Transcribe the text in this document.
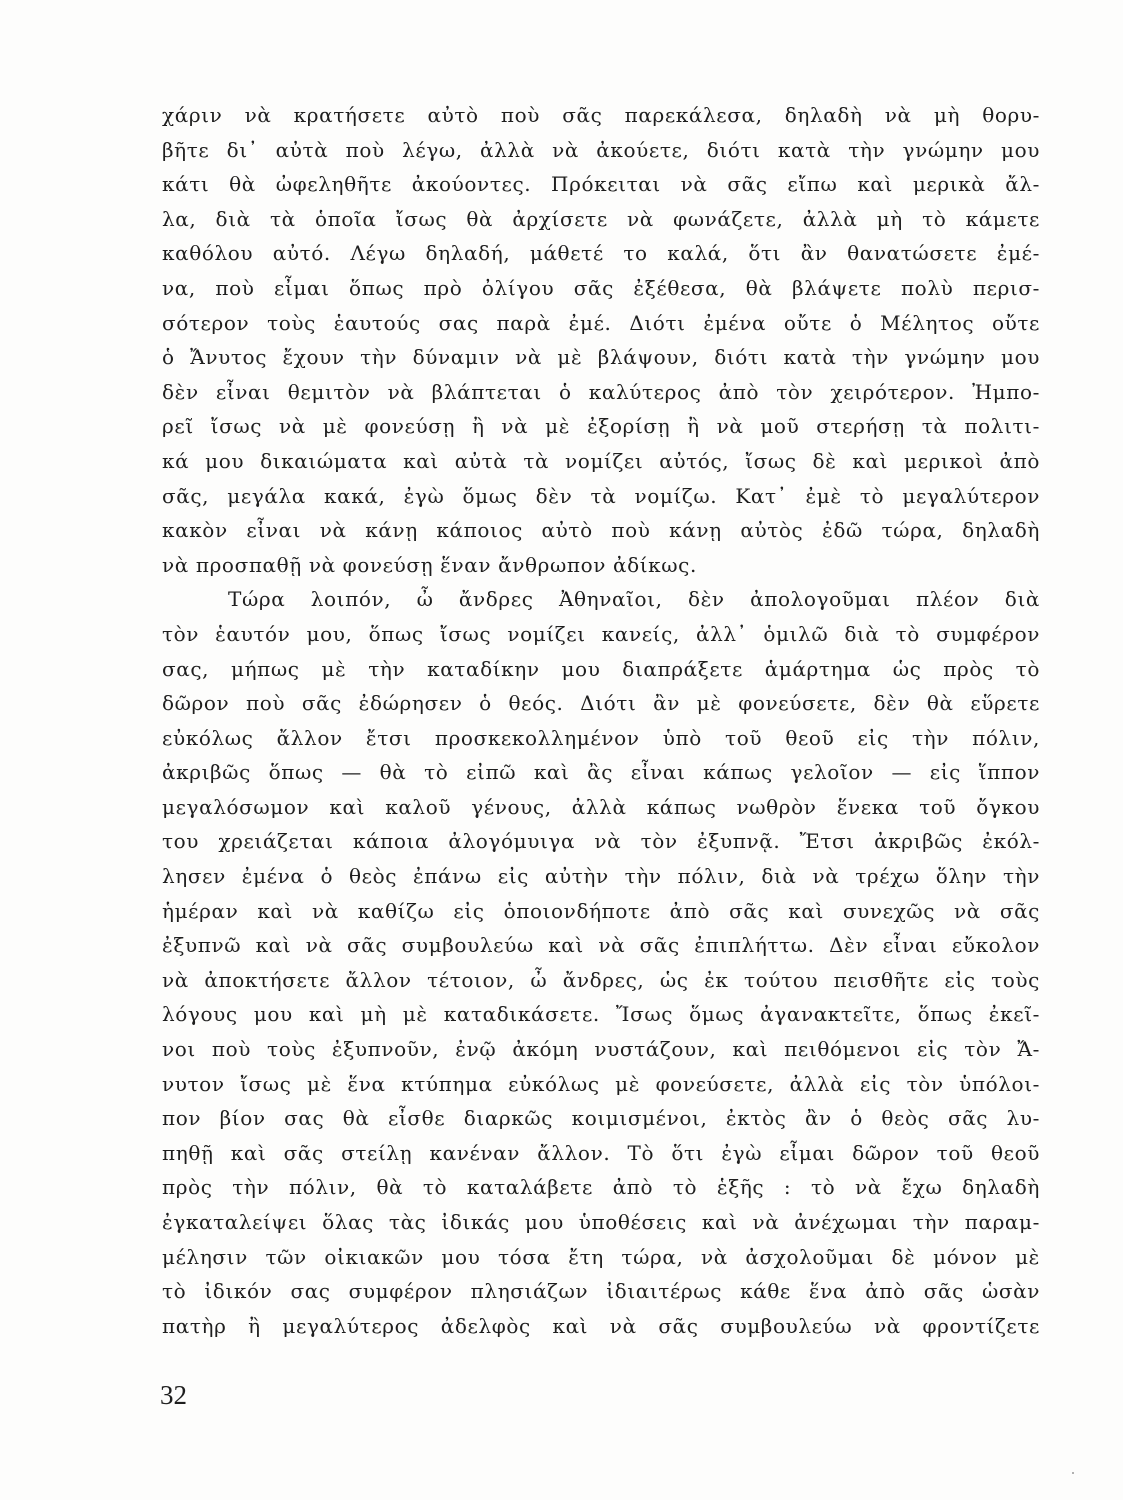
χάριν νὰ κρατήσετε αὐτὸ ποὺ σᾶς παρεκάλεσα, δηλαδὴ νὰ μὴ θορυ-
βῆτε δι᾽ αὐτὰ ποὺ λέγω, ἀλλὰ νὰ ἀκούετε, διότι κατὰ τὴν γνώμην μου
κάτι θὰ ὠφεληθῆτε ἀκούοντες. Πρόκειται νὰ σᾶς εἴπω καὶ μερικὰ ἄλ-
λα, διὰ τὰ ὁποῖα ἴσως θὰ ἀρχίσετε νὰ φωνάζετε, ἀλλὰ μὴ τὸ κάμετε
καθόλου αὐτό. Λέγω δηλαδή, μάθετέ το καλά, ὅτι ἂν θανατώσετε ἐμέ-
να, ποὺ εἶμαι ὅπως πρὸ ὀλίγου σᾶς ἐξέθεσα, θὰ βλάψετε πολὺ περισ-
σότερον τοὺς ἑαυτούς σας παρὰ ἐμέ. Διότι ἐμένα οὔτε ὁ Μέλητος οὔτε
ὁ Ἄνυτος ἔχουν τὴν δύναμιν νὰ μὲ βλάψουν, διότι κατὰ τὴν γνώμην μου
δὲν εἶναι θεμιτὸν νὰ βλάπτεται ὁ καλύτερος ἀπὸ τὸν χειρότερον. Ἠμπο-
ρεῖ ἴσως νὰ μὲ φονεύσῃ ἢ νὰ μὲ ἐξορίσῃ ἢ νὰ μοῦ στερήσῃ τὰ πολιτι-
κά μου δικαιώματα καὶ αὐτὰ τὰ νομίζει αὐτός, ἴσως δὲ καὶ μερικοὶ ἀπὸ
σᾶς, μεγάλα κακά, ἐγὼ ὅμως δὲν τὰ νομίζω. Κατ᾽ ἐμὲ τὸ μεγαλύτερον
κακὸν εἶναι νὰ κάνῃ κάποιος αὐτὸ ποὺ κάνῃ αὐτὸς ἐδῶ τώρα, δηλαδὴ
νὰ προσπαθῇ νὰ φονεύσῃ ἕναν ἄνθρωπον ἀδίκως.
Τώρα λοιπόν, ὦ ἄνδρες Ἀθηναῖοι, δὲν ἀπολογοῦμαι πλέον διὰ
τὸν ἑαυτόν μου, ὅπως ἴσως νομίζει κανείς, ἀλλ᾽ ὁμιλῶ διὰ τὸ συμφέρον
σας, μήπως μὲ τὴν καταδίκην μου διαπράξετε ἁμάρτημα ὡς πρὸς τὸ
δῶρον ποὺ σᾶς ἐδώρησεν ὁ θεός. Διότι ἂν μὲ φονεύσετε, δὲν θὰ εὕρετε
εὐκόλως ἄλλον ἔτσι προσκεκολλημένον ὑπὸ τοῦ θεοῦ εἰς τὴν πόλιν,
ἀκριβῶς ὅπως — θὰ τὸ εἰπῶ καὶ ἂς εἶναι κάπως γελοῖον — εἰς ἵππον
μεγαλόσωμον καὶ καλοῦ γένους, ἀλλὰ κάπως νωθρὸν ἕνεκα τοῦ ὄγκου
του χρειάζεται κάποια ἀλογόμυιγα νὰ τὸν ἐξυπνᾷ. Ἔτσι ἀκριβῶς ἐκόλ-
λησεν ἐμένα ὁ θεὸς ἐπάνω εἰς αὐτὴν τὴν πόλιν, διὰ νὰ τρέχω ὅλην τὴν
ἡμέραν καὶ νὰ καθίζω εἰς ὁποιονδήποτε ἀπὸ σᾶς καὶ συνεχῶς νὰ σᾶς
ἐξυπνῶ καὶ νὰ σᾶς συμβουλεύω καὶ νὰ σᾶς ἐπιπλήττω. Δὲν εἶναι εὔκολον
νὰ ἀποκτήσετε ἄλλον τέτοιον, ὦ ἄνδρες, ὡς ἐκ τούτου πεισθῆτε εἰς τοὺς
λόγους μου καὶ μὴ μὲ καταδικάσετε. Ἴσως ὅμως ἀγανακτεῖτε, ὅπως ἐκεῖ-
νοι ποὺ τοὺς ἐξυπνοῦν, ἐνῷ ἀκόμη νυστάζουν, καὶ πειθόμενοι εἰς τὸν Ἄ-
νυτον ἴσως μὲ ἕνα κτύπημα εὐκόλως μὲ φονεύσετε, ἀλλὰ εἰς τὸν ὑπόλοι-
πον βίον σας θὰ εἶσθε διαρκῶς κοιμισμένοι, ἐκτὸς ἂν ὁ θεὸς σᾶς λυ-
πηθῇ καὶ σᾶς στείλῃ κανέναν ἄλλον. Τὸ ὅτι ἐγὼ εἶμαι δῶρον τοῦ θεοῦ
πρὸς τὴν πόλιν, θὰ τὸ καταλάβετε ἀπὸ τὸ ἑξῆς : τὸ νὰ ἔχω δηλαδὴ
ἐγκαταλείψει ὅλας τὰς ἰδικάς μου ὑποθέσεις καὶ νὰ ἀνέχωμαι τὴν παραμ-
μέλησιν τῶν οἰκιακῶν μου τόσα ἔτη τώρα, νὰ ἀσχολοῦμαι δὲ μόνον μὲ
τὸ ἰδικόν σας συμφέρον πλησιάζων ἰδιαιτέρως κάθε ἕνα ἀπὸ σᾶς ὡσὰν
πατὴρ ἢ μεγαλύτερος ἀδελφὸς καὶ νὰ σᾶς συμβουλεύω νὰ φροντίζετε
32
